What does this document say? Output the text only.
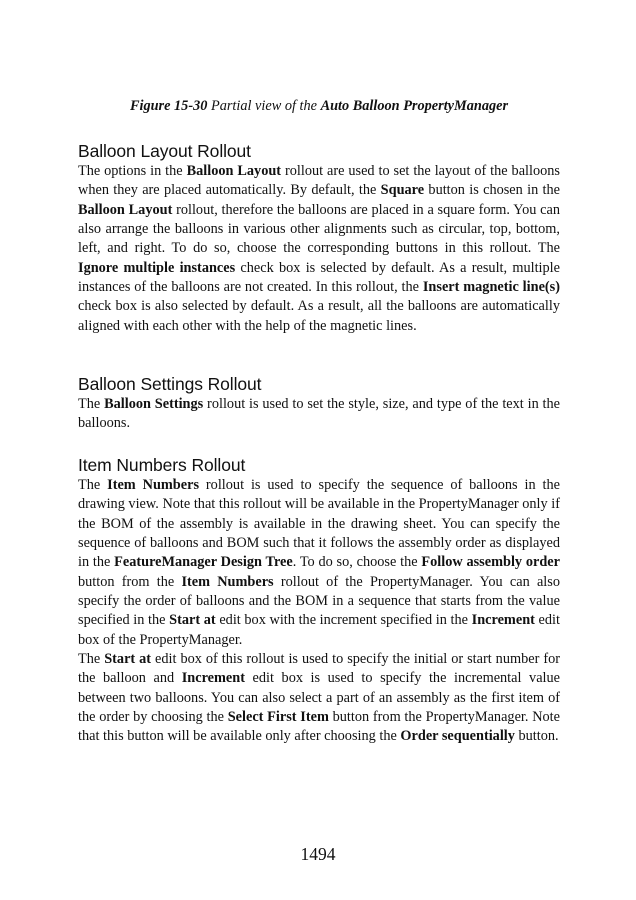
Figure 15-30 Partial view of the Auto Balloon PropertyManager
Balloon Layout Rollout

The options in the Balloon Layout rollout are used to set the layout of the balloons when they are placed automatically. By default, the Square button is chosen in the Balloon Layout rollout, therefore the balloons are placed in a square form. You can also arrange the balloons in various other alignments such as circular, top, bottom, left, and right. To do so, choose the corresponding buttons in this rollout. The Ignore multiple instances check box is selected by default. As a result, multiple instances of the balloons are not created. In this rollout, the Insert magnetic line(s) check box is also selected by default. As a result, all the balloons are automatically aligned with each other with the help of the magnetic lines.

Balloon Settings Rollout

The Balloon Settings rollout is used to set the style, size, and type of the text in the balloons.

Item Numbers Rollout

The Item Numbers rollout is used to specify the sequence of balloons in the drawing view. Note that this rollout will be available in the PropertyManager only if the BOM of the assembly is available in the drawing sheet. You can specify the sequence of balloons and BOM such that it follows the assembly order as displayed in the FeatureManager Design Tree. To do so, choose the Follow assembly order button from the Item Numbers rollout of the PropertyManager. You can also specify the order of balloons and the BOM in a sequence that starts from the value specified in the Start at edit box with the increment specified in the Increment edit box of the PropertyManager.

The Start at edit box of this rollout is used to specify the initial or start number for the balloon and Increment edit box is used to specify the incremental value between two balloons. You can also select a part of an assembly as the first item of the order by choosing the Select First Item button from the PropertyManager. Note that this button will be available only after choosing the Order sequentially button.

1494
